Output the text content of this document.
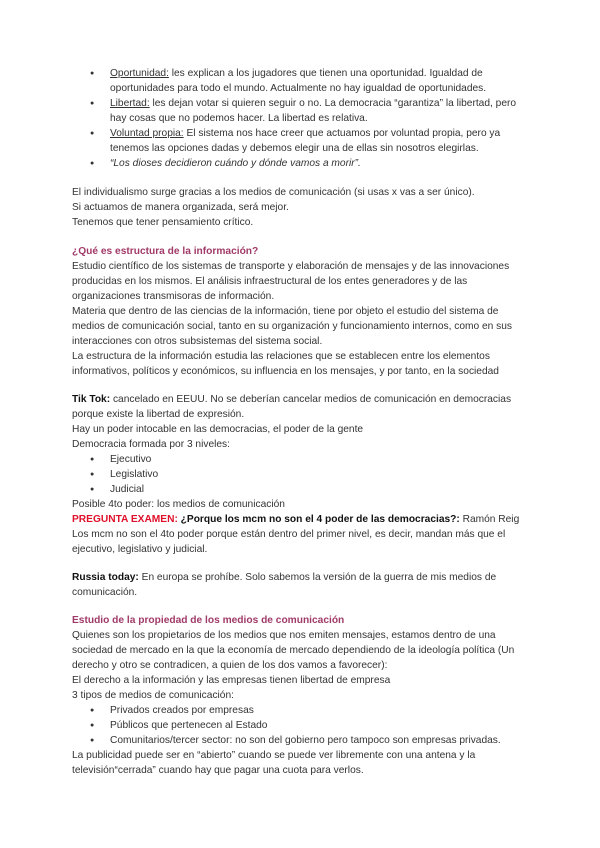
● Oportunidad: les explican a los jugadores que tienen una oportunidad. Igualdad de oportunidades para todo el mundo. Actualmente no hay igualdad de oportunidades.
● Libertad: les dejan votar si quieren seguir o no. La democracia “garantiza” la libertad, pero hay cosas que no podemos hacer. La libertad es relativa.
● Voluntad propia: El sistema nos hace creer que actuamos por voluntad propia, pero ya tenemos las opciones dadas y debemos elegir una de ellas sin nosotros elegirlas.
● “Los dioses decidieron cuándo y dónde vamos a morir”.

El individualismo surge gracias a los medios de comunicación (si usas x vas a ser único).

Si actuamos de manera organizada, será mejor.

Tenemos que tener pensamiento crítico.

¿Qué es estructura de la información?

Estudio científico de los sistemas de transporte y elaboración de mensajes y de las innovaciones producidas en los mismos. El análisis infraestructural de los entes generadores y de las organizaciones transmisoras de información.

Materia que dentro de las ciencias de la información, tiene por objeto el estudio del sistema de medios de comunicación social, tanto en su organización y funcionamiento internos, como en sus interacciones con otros subsistemas del sistema social.

La estructura de la información estudia las relaciones que se establecen entre los elementos informativos, políticos y económicos, su influencia en los mensajes, y por tanto, en la sociedad

Tik Tok: cancelado en EEUU. No se deberían cancelar medios de comunicación en democracias porque existe la libertad de expresión.

Hay un poder intocable en las democracias, el poder de la gente

Democracia formada por 3 niveles:

● Ejecutivo
● Legislativo
● Judicial

Posible 4to poder: los medios de comunicación

PREGUNTA EXAMEN: ¿Porque los mcm no son el 4 poder de las democracias?: Ramón Reig Los mcm no son el 4to poder porque están dentro del primer nivel, es decir, mandan más que el ejecutivo, legislativo y judicial.

Russia today: En europa se prohíbe. Solo sabemos la versión de la guerra de mis medios de comunicación.

Estudio de la propiedad de los medios de comunicación

Quienes son los propietarios de los medios que nos emiten mensajes, estamos dentro de una sociedad de mercado en la que la economía de mercado dependiendo de la ideología política (Un derecho y otro se contradicen, a quien de los dos vamos a favorecer):

El derecho a la información y las empresas tienen libertad de empresa

3 tipos de medios de comunicación:

● Privados creados por empresas
● Públicos que pertenecen al Estado
● Comunitarios/tercer sector: no son del gobierno pero tampoco son empresas privadas.

La publicidad puede ser en “abierto” cuando se puede ver libremente con una antena y la televisión“cerrada” cuando hay que pagar una cuota para verlos.
